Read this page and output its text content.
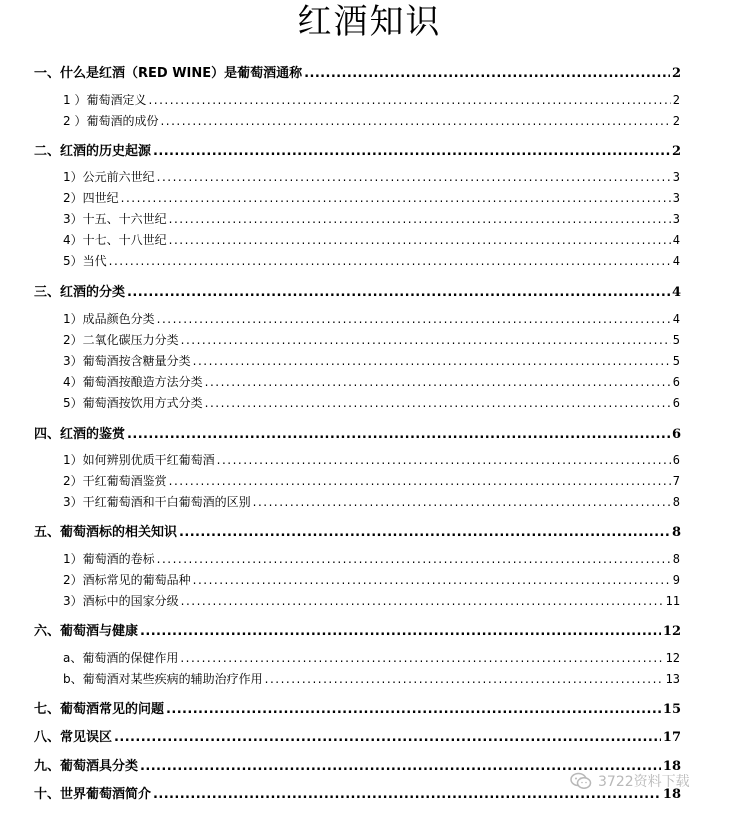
红酒知识
一、什么是红酒（RED WINE）是葡萄酒通称 .....	2
1 ）葡萄酒定义 .....	2
2 ）葡萄酒的成份 .....	2
二、红酒的历史起源 .....	2
1）公元前六世纪 .....	3
2）四世纪 .....	3
3）十五、十六世纪 .....	3
4）十七、十八世纪 .....	4
5）当代 .....	4
三、红酒的分类 .....	4
1）成品颜色分类 .....	4
2）二氧化碳压力分类 .....	5
3）葡萄酒按含糖量分类 .....	5
4）葡萄酒按酿造方法分类 .....	6
5）葡萄酒按饮用方式分类 .....	6
四、红酒的鉴赏 .....	6
1）如何辨别优质干红葡萄酒 .....	6
2）干红葡萄酒鉴赏 .....	7
3）干红葡萄酒和干白葡萄酒的区别 .....	8
五、葡萄酒标的相关知识 .....	8
1）葡萄酒的卷标 .....	8
2）酒标常见的葡萄品种 .....	9
3）酒标中的国家分级 .....	11
六、葡萄酒与健康 .....	12
a、葡萄酒的保健作用 .....	12
b、葡萄酒对某些疾病的辅助治疗作用 .....	13
七、葡萄酒常见的问题 .....	15
八、常见误区 .....	17
九、葡萄酒具分类 .....	18
十、世界葡萄酒简介 .....	18
3722资料下载
